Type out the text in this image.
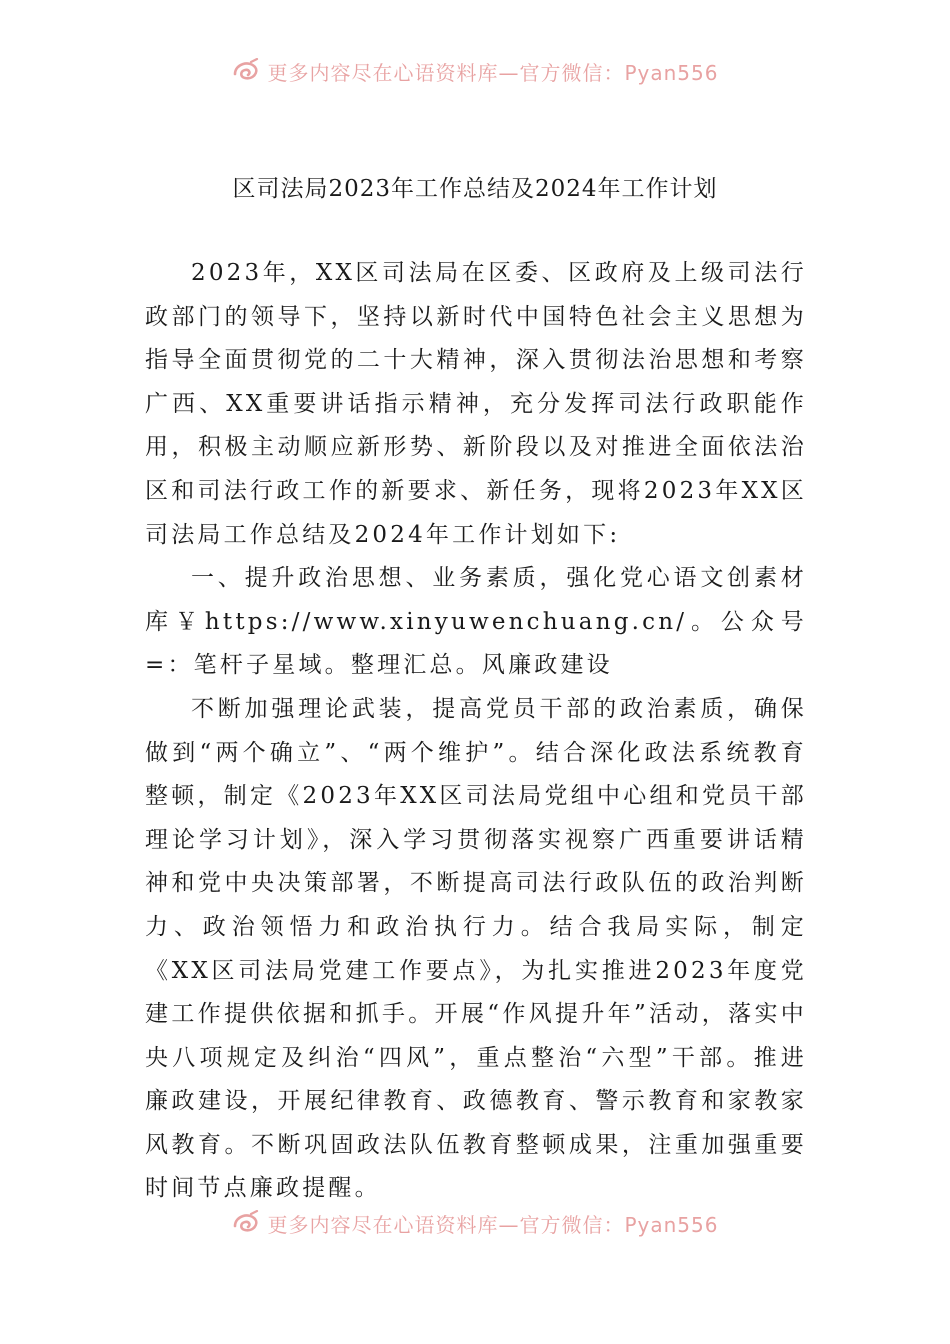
更多内容尽在心语资料库—官方微信：Pyan556
区司法局2023年工作总结及2024年工作计划

2023年，XX区司法局在区委、区政府及上级司法行政部门的领导下，坚持以新时代中国特色社会主义思想为指导全面贯彻党的二十大精神，深入贯彻法治思想和考察广西、XX重要讲话指示精神，充分发挥司法行政职能作用，积极主动顺应新形势、新阶段以及对推进全面依法治区和司法行政工作的新要求、新任务，现将2023年XX区司法局工作总结及2024年工作计划如下:

一、提升政治思想、业务素质，强化党心语文创素材库￥https://www.xinyuwenchuang.cn/。公众号=：笔杆子星域。整理汇总。风廉政建设

不断加强理论武装，提高党员干部的政治素质，确保做到“两个确立”、“两个维护”。结合深化政法系统教育整顿，制定《2023年XX区司法局党组中心组和党员干部理论学习计划》，深入学习贯彻落实视察广西重要讲话精神和党中央决策部署，不断提高司法行政队伍的政治判断力、政治领悟力和政治执行力。结合我局实际，制定《XX区司法局党建工作要点》，为扎实推进2023年度党建工作提供依据和抓手。开展“作风提升年”活动，落实中央八项规定及纠治“四风”，重点整治“六型”干部。推进廉政建设，开展纪律教育、政德教育、警示教育和家教家风教育。不断巩固政法队伍教育整顿成果，注重加强重要时间节点廉政提醒。

更多内容尽在心语资料库—官方微信：Pyan556
